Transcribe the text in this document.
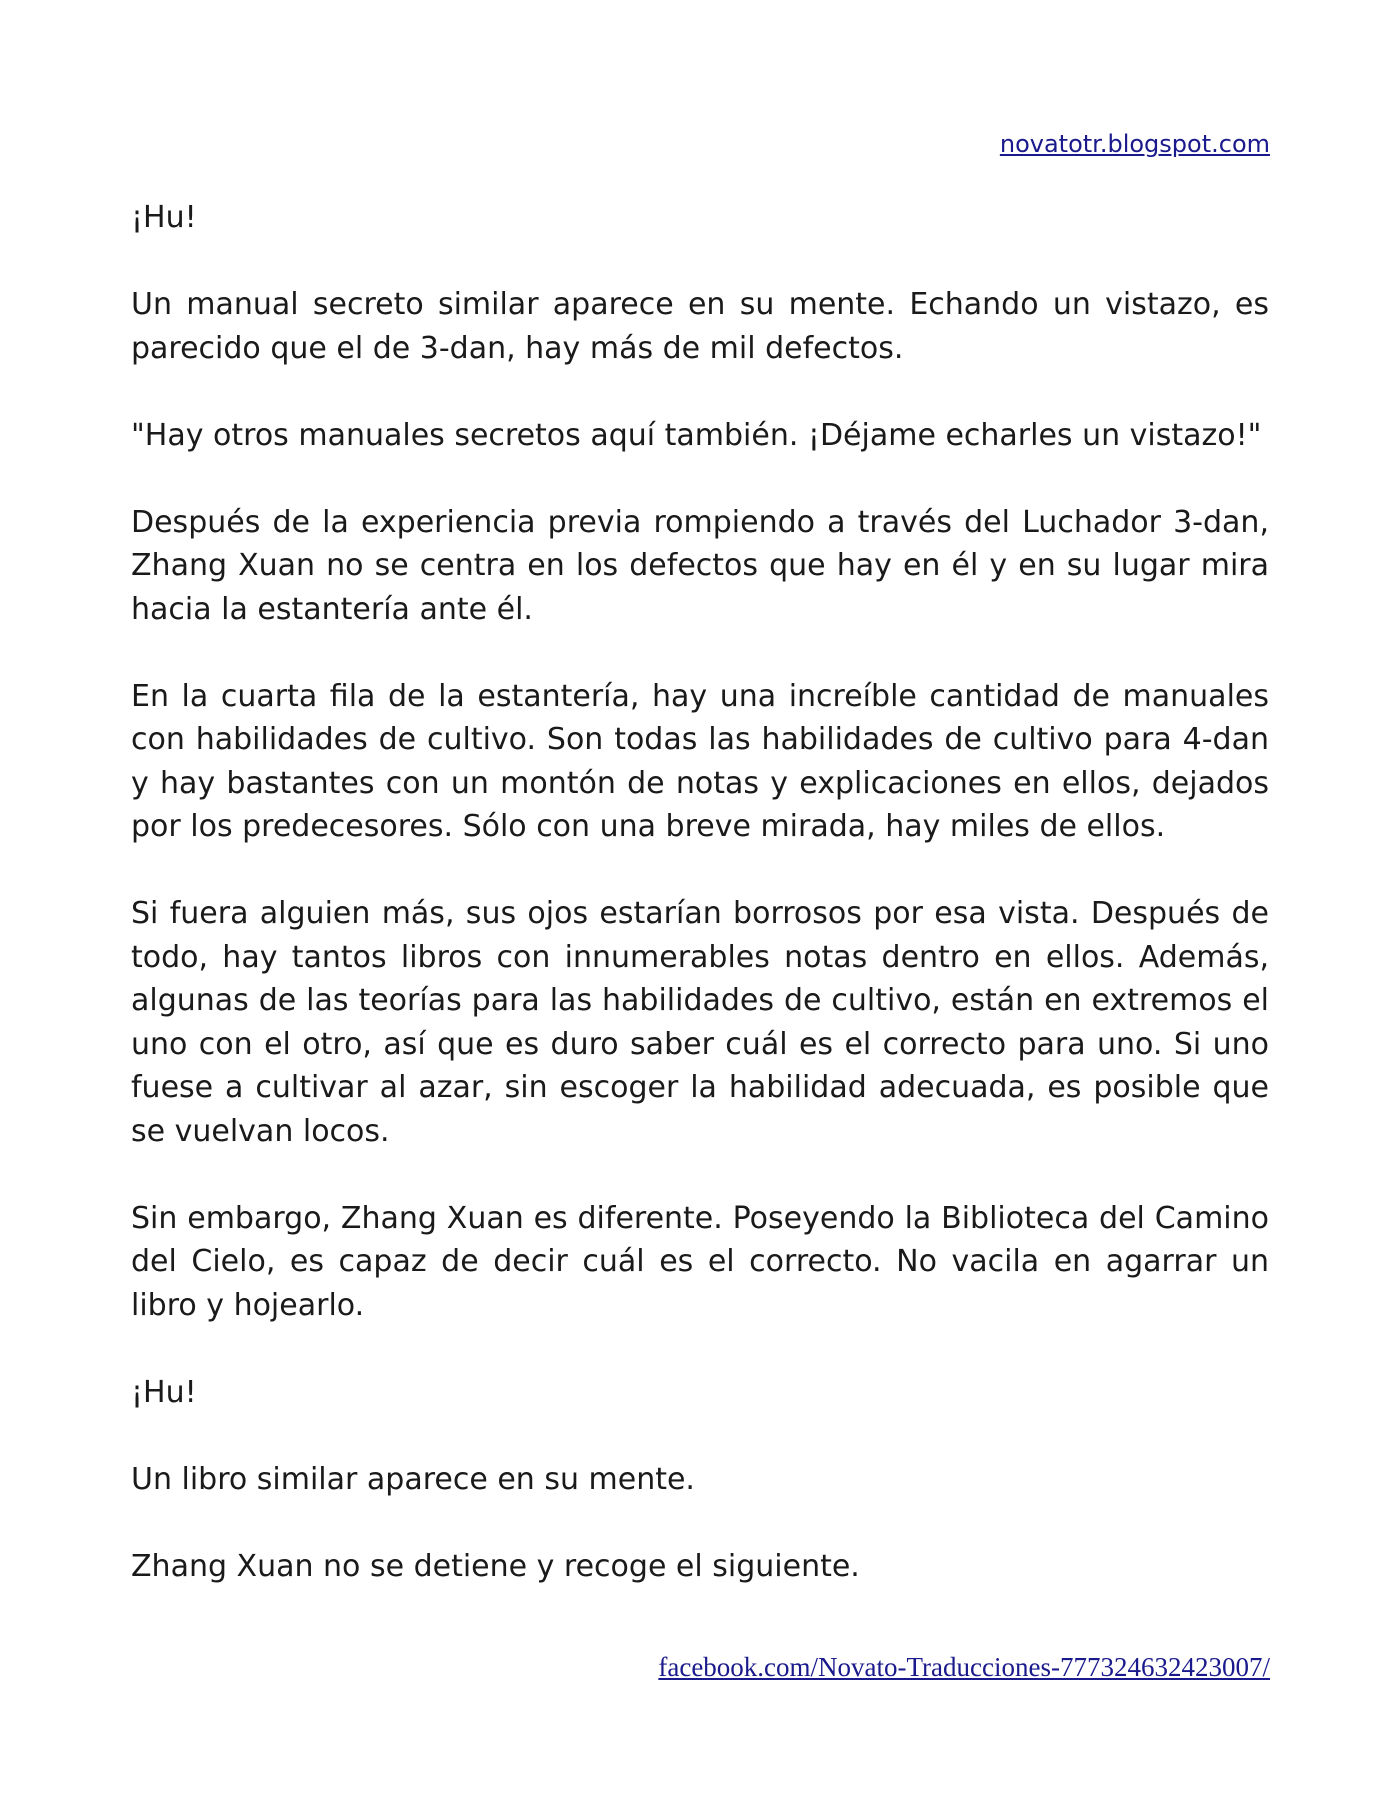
novatotr.blogspot.com

¡Hu!

Un manual secreto similar aparece en su mente. Echando un vistazo, es parecido que el de 3-dan, hay más de mil defectos.

"Hay otros manuales secretos aquí también. ¡Déjame echarles un vistazo!"

Después de la experiencia previa rompiendo a través del Luchador 3-dan, Zhang Xuan no se centra en los defectos que hay en él y en su lugar mira hacia la estantería ante él.

En la cuarta fila de la estantería, hay una increíble cantidad de manuales con habilidades de cultivo. Son todas las habilidades de cultivo para 4-dan y hay bastantes con un montón de notas y explicaciones en ellos, dejados por los predecesores. Sólo con una breve mirada, hay miles de ellos.

Si fuera alguien más, sus ojos estarían borrosos por esa vista. Después de todo, hay tantos libros con innumerables notas dentro en ellos. Además, algunas de las teorías para las habilidades de cultivo, están en extremos el uno con el otro, así que es duro saber cuál es el correcto para uno. Si uno fuese a cultivar al azar, sin escoger la habilidad adecuada, es posible que se vuelvan locos.

Sin embargo, Zhang Xuan es diferente. Poseyendo la Biblioteca del Camino del Cielo, es capaz de decir cuál es el correcto. No vacila en agarrar un libro y hojearlo.

¡Hu!

Un libro similar aparece en su mente.

Zhang Xuan no se detiene y recoge el siguiente.

facebook.com/Novato-Traducciones-777324632423007/
